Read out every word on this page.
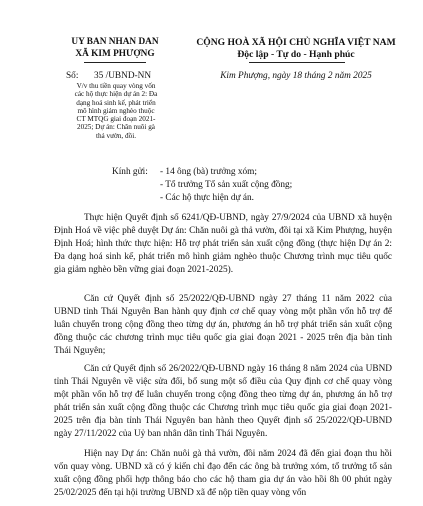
UY BAN NHAN DAN
XÃ KIM PHƯỢNG
Số: 35 /UBND-NN
V/v thu tiền quay vòng vốn
các hộ thực hiện dự án 2: Đa
dạng hoá sinh kế, phát triển
mô hình giảm nghèo thuộc
CT MTQG giai đoạn 2021-
2025; Dự án: Chăn nuôi gà
thả vườn, đồi.
CỘNG HOÀ XÃ HỘI CHỦ NGHĨA VIỆT NAM
Độc lập - Tự do - Hạnh phúc
Kim Phượng, ngày 18 tháng 2 năm 2025
Kính gửi: - 14 ông (bà) trưởng xóm;
- Tổ trưởng Tổ sản xuất cộng đồng;
- Các hộ thực hiện dự án.
Thực hiện Quyết định số 6241/QĐ-UBND, ngày 27/9/2024 của UBND xã huyện Định Hoá về việc phê duyệt Dự án: Chăn nuôi gà thả vườn, đồi tại xã Kim Phượng, huyện Định Hoá; hình thức thực hiện: Hỗ trợ phát triển sản xuất cộng đồng (thực hiện Dự án 2: Đa dạng hoá sinh kế, phát triển mô hình giảm nghèo thuộc Chương trình mục tiêu quốc gia giảm nghèo bền vững giai đoạn 2021-2025).
Căn cứ Quyết định số 25/2022/QĐ-UBND ngày 27 tháng 11 năm 2022 của UBND tỉnh Thái Nguyên Ban hành quy định cơ chế quay vòng một phần vốn hỗ trợ để luân chuyển trong cộng đồng theo từng dự án, phương án hỗ trợ phát triển sản xuất cộng đồng thuộc các chương trình mục tiêu quốc gia giai đoạn 2021 - 2025 trên địa bàn tỉnh Thái Nguyên;
Căn cứ Quyết định số 26/2022/QĐ-UBND ngày 16 tháng 8 năm 2024 của UBND tỉnh Thái Nguyên về việc sửa đổi, bổ sung một số điều của Quy định cơ chế quay vòng một phần vốn hỗ trợ để luân chuyển trong cộng đồng theo từng dự án, phương án hỗ trợ phát triển sản xuất cộng đồng thuộc các Chương trình mục tiêu quốc gia giai đoạn 2021-2025 trên địa bàn tỉnh Thái Nguyên ban hành theo Quyết định số 25/2022/QĐ-UBND ngày 27/11/2022 của Uỷ ban nhân dân tỉnh Thái Nguyên.
Hiện nay Dự án: Chăn nuôi gà thả vườn, đồi năm 2024 đã đến giai đoạn thu hồi vốn quay vòng. UBND xã có ý kiến chỉ đạo đến các ông bà trưởng xóm, tổ trưởng tổ sản xuất cộng đồng phối hợp thông báo cho các hộ tham gia dự án vào hồi 8h 00 phút ngày 25/02/2025 đến tại hội trường UBND xã để nộp tiền quay vòng vốn
